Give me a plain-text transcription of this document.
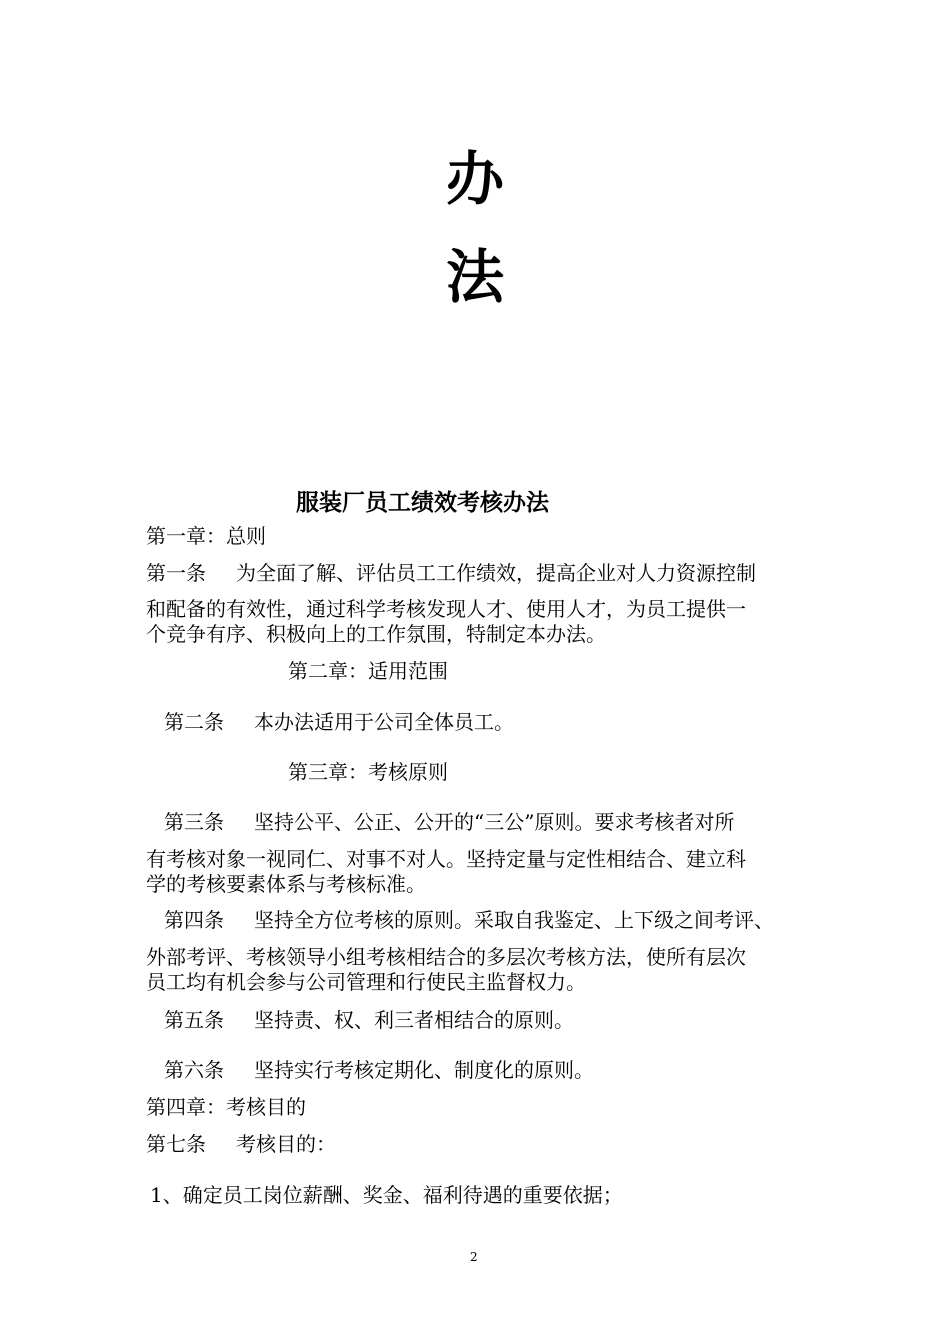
办
法
服装厂员工绩效考核办法
第一章：总则
第一条 为全面了解、评估员工工作绩效，提高企业对人力资源控制
和配备的有效性，通过科学考核发现人才、使用人才，为员工提供一
个竞争有序、积极向上的工作氛围，特制定本办法。
第二章：适用范围
第二条 本办法适用于公司全体员工。
第三章：考核原则
第三条 坚持公平、公正、公开的“三公”原则。要求考核者对所
有考核对象一视同仁、对事不对人。坚持定量与定性相结合、建立科
学的考核要素体系与考核标准。
第四条 坚持全方位考核的原则。采取自我鉴定、上下级之间考评、
外部考评、考核领导小组考核相结合的多层次考核方法，使所有层次
员工均有机会参与公司管理和行使民主监督权力。
第五条 坚持责、权、利三者相结合的原则。
第六条 坚持实行考核定期化、制度化的原则。
第四章：考核目的
第七条 考核目的：
1、确定员工岗位薪酬、奖金、福利待遇的重要依据；
2
